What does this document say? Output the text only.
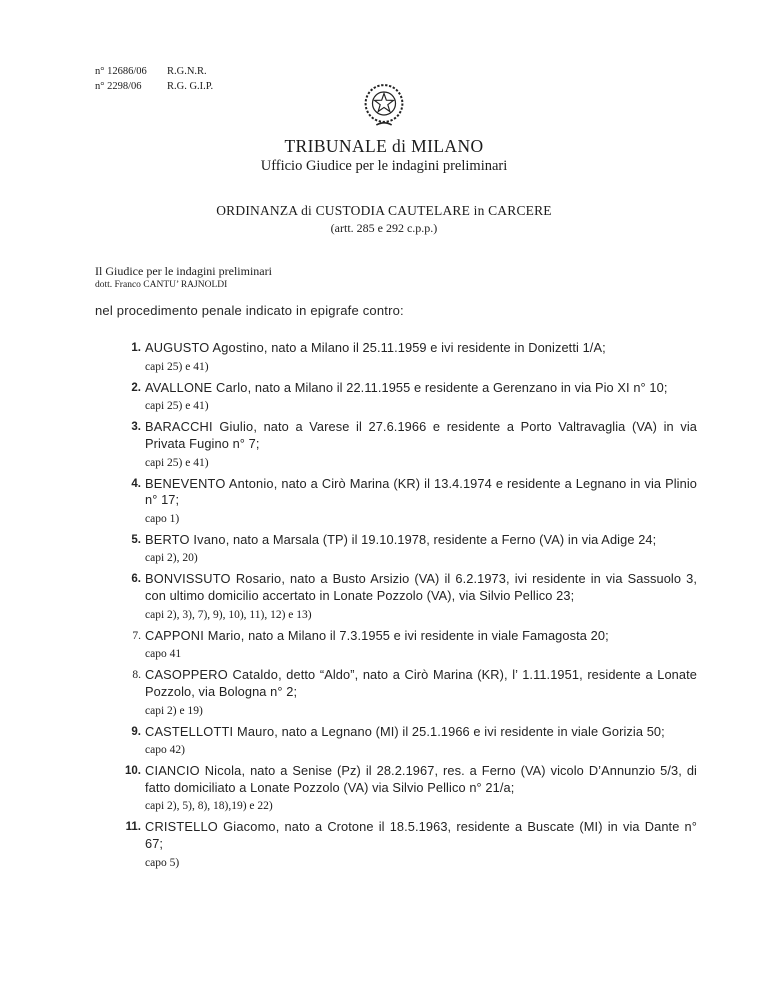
n° 12686/06 R.G.N.R.
n° 2298/06 R.G. G.I.P.
TRIBUNALE di MILANO
Ufficio Giudice per le indagini preliminari
ORDINANZA di CUSTODIA CAUTELARE in CARCERE
(artt. 285 e 292 c.p.p.)
Il Giudice per le indagini preliminari
dott. Franco CANTU’ RAJNOLDI
nel procedimento penale indicato in epigrafe contro:
1. AUGUSTO Agostino, nato a Milano il 25.11.1959 e ivi residente in Donizetti 1/A;
capi 25) e 41)
2. AVALLONE Carlo, nato a Milano il 22.11.1955 e residente a Gerenzano in via Pio XI n° 10;
capi 25) e 41)
3. BARACCHI Giulio, nato a Varese il 27.6.1966 e residente a Porto Valtravaglia (VA) in via Privata Fugino n° 7;
capi 25) e 41)
4. BENEVENTO Antonio, nato a Cirò Marina (KR) il 13.4.1974 e residente a Legnano in via Plinio n° 17;
capo 1)
5. BERTO Ivano, nato a Marsala (TP) il 19.10.1978, residente a Ferno (VA) in via Adige 24;
capi 2), 20)
6. BONVISSUTO Rosario, nato a Busto Arsizio (VA) il 6.2.1973, ivi residente in via Sassuolo 3, con ultimo domicilio accertato in Lonate Pozzolo (VA), via Silvio Pellico 23;
capi 2), 3), 7), 9), 10), 11), 12) e 13)
7. CAPPONI Mario, nato a Milano il 7.3.1955 e ivi residente in viale Famagosta 20;
capo 41
8. CASOPPERO Cataldo, detto “Aldo”, nato a Cirò Marina (KR), l’ 1.11.1951, residente a Lonate Pozzolo, via Bologna n° 2;
capi 2) e 19)
9. CASTELLOTTI Mauro, nato a Legnano (MI) il 25.1.1966 e ivi residente in viale Gorizia 50;
capo 42)
10. CIANCIO Nicola, nato a Senise (Pz) il 28.2.1967, res. a Ferno (VA) vicolo D’Annunzio 5/3, di fatto domiciliato a Lonate Pozzolo (VA) via Silvio Pellico n° 21/a;
capi 2), 5), 8), 18),19) e 22)
11. CRISTELLO Giacomo, nato a Crotone il 18.5.1963, residente a Buscate (MI) in via Dante n° 67;
capo 5)
